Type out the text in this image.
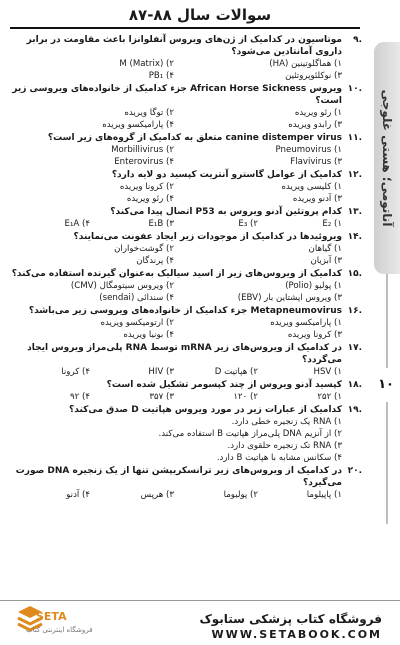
سوالات سال ۸۸-۸۷
آناتومی؛ هستی غلوجی
۱۰
.۹
موتاسیون در کدامیک از ژن‌های ویروس آنفلوانزا باعث مقاومت در برابر داروی آمانتادین می‌شود؟
۱) هماگلوتینین (HA)
۲) (Matrix) M
۳) نوکلئوپروتئین
۴) PB₁
.۱۰
ویروس African Horse Sickness جزء کدامیک از خانواده‌های ویروسی زیر است؟
۱) رئو ویریده
۲) توگا ویریده
۳) رابدو ویریده
۴) پارامیکسو ویریده
.۱۱
canine distemper virus متعلق به کدامیک از گروه‌های زیر است؟
۱) Pneumovirus
۲) Morbillivirus
۳) Flavivirus
۴) Enterovirus
.۱۲
کدامیک از عوامل گاسترو آنتریت کپسید دو لایه دارد؟
۱) کلیسی ویریده
۲) کرونا ویریده
۳) آدنو ویریده
۴) رئو ویریده
.۱۳
کدام پروتئین آدنو ویروس به P53 اتصال پیدا می‌کند؟
۱) E₂
۲) E₃
۳) E₁B
۴) E₁A
.۱۴
ویروئیدها در کدامیک از موجودات زیر ایجاد عفونت می‌نمایند؟
۱) گیاهان
۲) گوشت‌خواران
۳) آبزیان
۴) پرندگان
.۱۵
کدامیک از ویروس‌های زیر از اسید سیالیک به‌عنوان گیرنده استفاده می‌کند؟
۱) پولیو (Polio)
۲) ویروس سیتومگال (CMV)
۳) ویروس اپشتاین بار (EBV)
۴) سندائی (sendai)
.۱۶
Metapneumovirus جزء کدامیک از خانواده‌های ویروسی زیر می‌باشد؟
۱) پارامیکسو ویریده
۲) ارتومیکسو ویریده
۳) کرونا ویریده
۴) بونیا ویریده
.۱۷
در کدامیک از ویروس‌های زیر mRNA توسط RNA پلی‌مراز ویروس ایجاد می‌گردد؟
۱) HSV
۲) هپاتیت D
۳) HIV
۴) کرونا
.۱۸
کپسید آدنو ویروس از چند کپسومر تشکیل شده است؟
۱) ۲۵۲
۲) ۱۲۰
۳) ۳۵۷
۴) ۹۲
.۱۹
کدامیک از عبارات زیر در مورد ویروس هپاتیت D صدق می‌کند؟
۱) RNA یک زنجیره خطی دارد.
۲) از آنزیم DNA پلی‌مراز هپاتیت B استفاده می‌کند.
۳) RNA تک زنجیره حلقوی دارد.
۴) سکانس مشابه با هپاتیت B دارد.
.۲۰
در کدامیک از ویروس‌های زیر ترانسکریپشن تنها از یک زنجیره DNA صورت می‌گیرد؟
۱) پاپیلوما
۲) پولیوما
۳) هرپس
۴) آدنو
SETA
فروشگاه اینترنتی کتاب
فروشگاه کتاب پزشکی ستابوک
WWW.SETABOOK.COM
